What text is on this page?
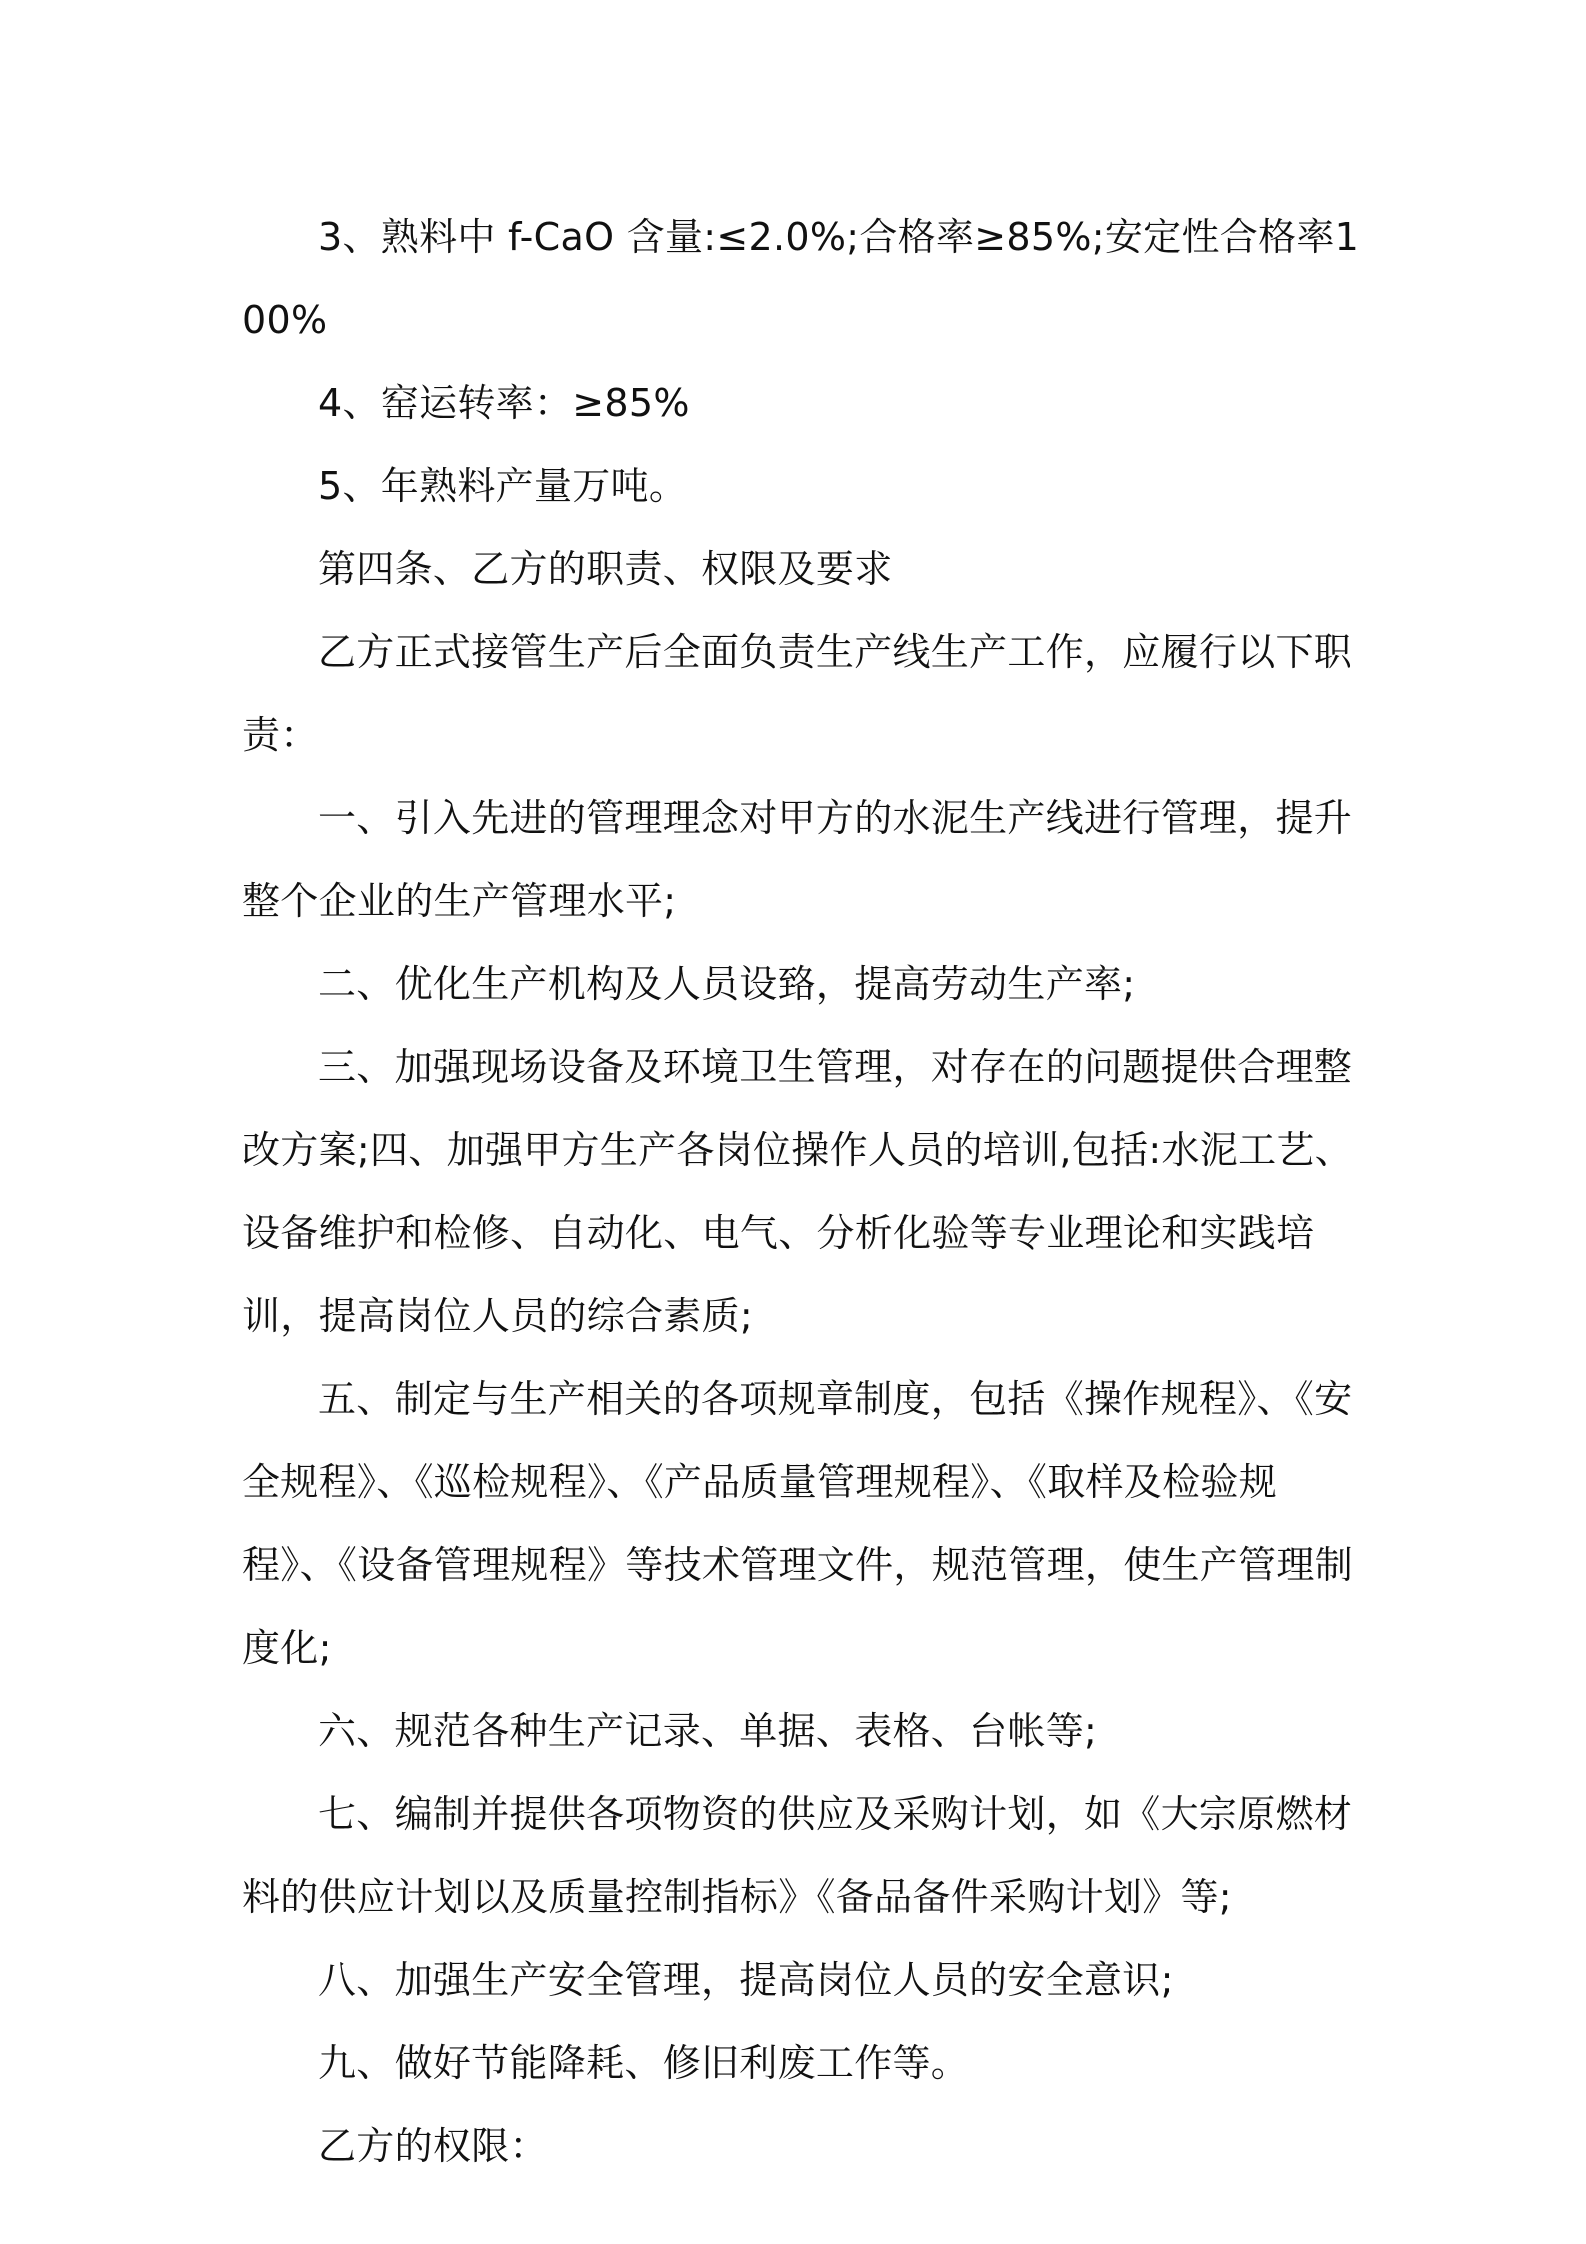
3、熟料中 f-CaO 含量:≤2.0%;合格率≥85%;安定性合格率100%

4、窑运转率：≥85%

5、年熟料产量万吨。

第四条、乙方的职责、权限及要求

乙方正式接管生产后全面负责生产线生产工作，应履行以下职责：

一、引入先进的管理理念对甲方的水泥生产线进行管理，提升整个企业的生产管理水平;

二、优化生产机构及人员设臵，提高劳动生产率;

三、加强现场设备及环境卫生管理，对存在的问题提供合理整改方案;四、加强甲方生产各岗位操作人员的培训,包括:水泥工艺、设备维护和检修、自动化、电气、分析化验等专业理论和实践培训，提高岗位人员的综合素质;

五、制定与生产相关的各项规章制度，包括《操作规程》、《安全规程》、《巡检规程》、《产品质量管理规程》、《取样及检验规程》、《设备管理规程》等技术管理文件，规范管理，使生产管理制度化;

六、规范各种生产记录、单据、表格、台帐等;

七、编制并提供各项物资的供应及采购计划，如《大宗原燃材料的供应计划以及质量控制指标》《备品备件采购计划》等;

八、加强生产安全管理，提高岗位人员的安全意识;

九、做好节能降耗、修旧利废工作等。

乙方的权限：
